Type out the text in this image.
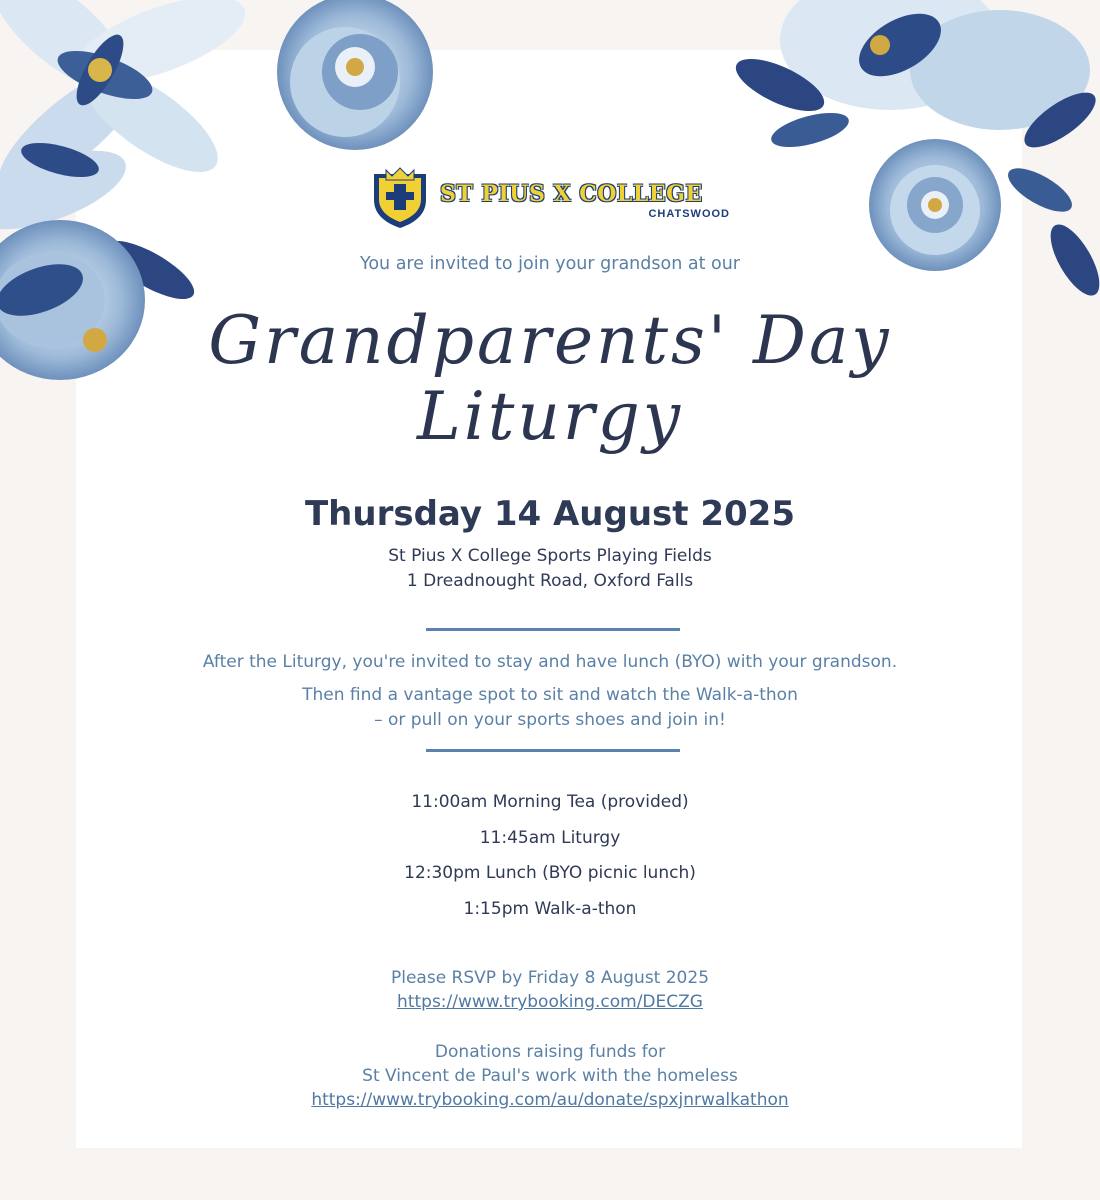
ST PIUS X COLLEGE
CHATSWOOD
You are invited to join your grandson at our
Grandparents' Day
Liturgy
Thursday 14 August 2025
St Pius X College Sports Playing Fields
1 Dreadnought Road, Oxford Falls
After the Liturgy, you're invited to stay and have lunch (BYO) with your grandson.
Then find a vantage spot to sit and watch the Walk-a-thon
– or pull on your sports shoes and join in!
11:00am Morning Tea (provided)
11:45am Liturgy
12:30pm Lunch (BYO picnic lunch)
1:15pm Walk-a-thon
Please RSVP by Friday 8 August 2025
https://www.trybooking.com/DECZG
Donations raising funds for
St Vincent de Paul's work with the homeless
https://www.trybooking.com/au/donate/spxjnrwalkathon
